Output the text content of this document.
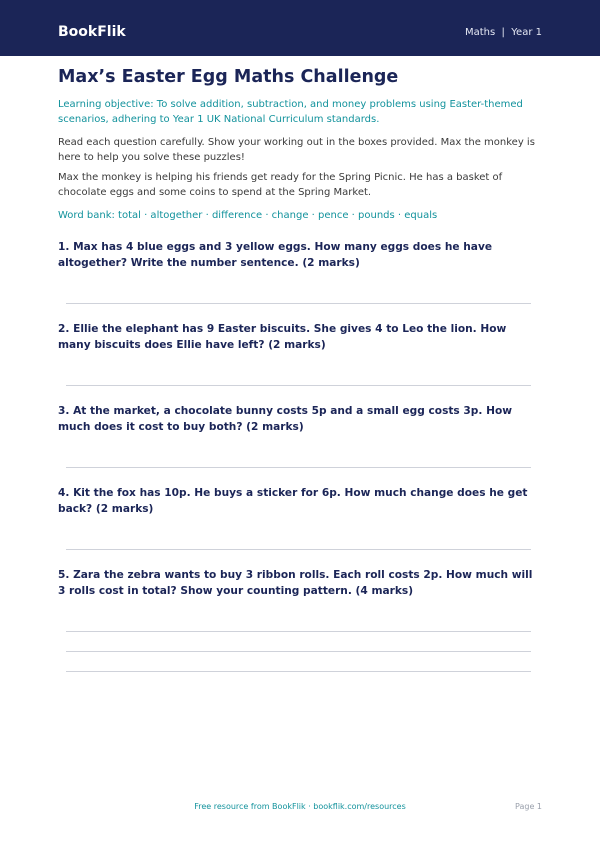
BookFlik	Maths  |  Year 1
Max’s Easter Egg Maths Challenge

Learning objective: To solve addition, subtraction, and money problems using Easter-themed scenarios, adhering to Year 1 UK National Curriculum standards.

Read each question carefully. Show your working out in the boxes provided. Max the monkey is here to help you solve these puzzles!

Max the monkey is helping his friends get ready for the Spring Picnic. He has a basket of chocolate eggs and some coins to spend at the Spring Market.

Word bank: total · altogether · difference · change · pence · pounds · equals

1. Max has 4 blue eggs and 3 yellow eggs. How many eggs does he have altogether? Write the number sentence. (2 marks)

2. Ellie the elephant has 9 Easter biscuits. She gives 4 to Leo the lion. How many biscuits does Ellie have left? (2 marks)

3. At the market, a chocolate bunny costs 5p and a small egg costs 3p. How much does it cost to buy both? (2 marks)

4. Kit the fox has 10p. He buys a sticker for 6p. How much change does he get back? (2 marks)

5. Zara the zebra wants to buy 3 ribbon rolls. Each roll costs 2p. How much will 3 rolls cost in total? Show your counting pattern. (4 marks)

Free resource from BookFlik · bookflik.com/resources	Page 1
